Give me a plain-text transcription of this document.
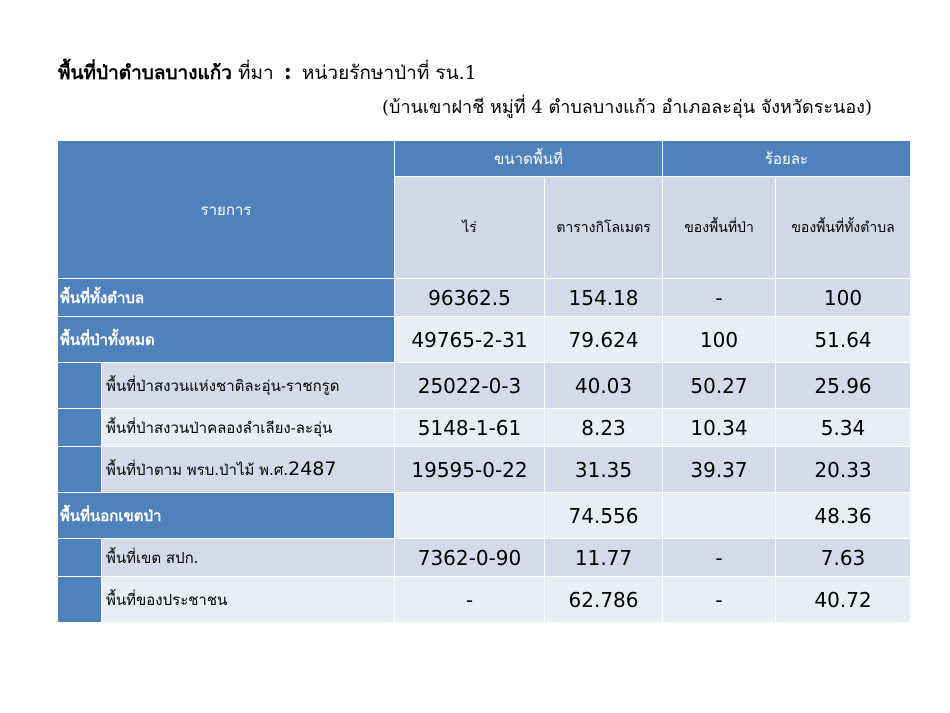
พื้นที่ป่าตำบลบางแก้ว ที่มา : หน่วยรักษาป่าที่ รน.1
(บ้านเขาฝาชี หมู่ที่ 4 ตำบลบางแก้ว อำเภอละอุ่น จังหวัดระนอง)
รายการ		ขนาดพื้นที่		ร้อยละ	
		ไร่	ตารางกิโลเมตร	ของพื้นที่ป่า	ของพื้นที่ทั้งตำบล
พื้นที่ทั้งตำบล		96362.5	154.18	-	100
พื้นที่ป่าทั้งหมด		49765-2-31	79.624	100	51.64
	พื้นที่ป่าสงวนแห่งชาติละอุ่น-ราชกรูด	25022-0-3	40.03	50.27	25.96
	พื้นที่ป่าสงวนป่าคลองลำเลียง-ละอุ่น	5148-1-61	8.23	10.34	5.34
	พื้นที่ป่าตาม พรบ.ป่าไม้ พ.ศ.2487	19595-0-22	31.35	39.37	20.33
พื้นที่นอกเขตป่า			74.556		48.36
	พื้นที่เขต สปก.	7362-0-90	11.77	-	7.63
	พื้นที่ของประชาชน	-	62.786	-	40.72
